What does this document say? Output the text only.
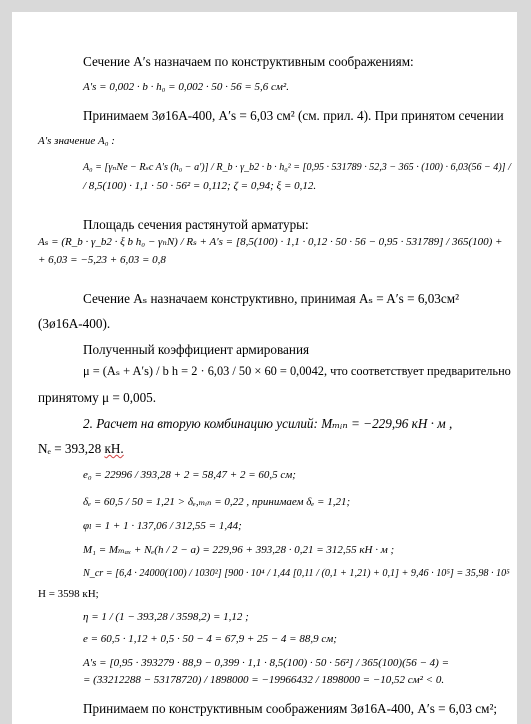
Сечение A′s назначаем по конструктивным соображениям:
A′s = 0,002 · b · h₀ = 0,002 · 50 · 56 = 5,6 см².
Принимаем 3ø16А-400, A′s = 6,03 см² (см. прил. 4). При принятом сечении
A′s значение A₀ :
A₀ = [γₙNe − Rₛc A′s (h₀ − a′)] / R_b · γ_b2 · b · h₀² = [0,95 · 531789 · 52,3 − 365 · (100) · 6,03(56 − 4)] /
/ 8,5(100) · 1,1 · 50 · 56² = 0,112; ζ = 0,94; ξ = 0,12.
Площадь сечения растянутой арматуры:
Aₛ = (R_b · γ_b2 · ξ b h₀ − γₙN) / Rₛ + A′s = [8,5(100) · 1,1 · 0,12 · 50 · 56 − 0,95 · 531789] / 365(100) +
+ 6,03 = −5,23 + 6,03 = 0,8
Сечение Aₛ назначаем конструктивно, принимая Aₛ = A′s = 6,03см²
(3ø16А-400).
Полученный коэффициент армирования
μ = (Aₛ + A′s) / b h = 2 · 6,03 / 50 × 60 = 0,0042, что соответствует предварительно
принятому μ = 0,005.
2. Расчет на вторую комбинацию усилий: Mₘᵢₙ = −229,96 кН · м ,
Nₑ = 393,28 кН.
e₀ = 22996 / 393,28 + 2 = 58,47 + 2 = 60,5 см;
δₑ = 60,5 / 50 = 1,21 > δₑ,ₘᵢₙ = 0,22 , принимаем δₑ = 1,21;
φₗ = 1 + 1 · 137,06 / 312,55 = 1,44;
M₁ = Mₘₐₓ + Nₑ(h / 2 − a) = 229,96 + 393,28 · 0,21 = 312,55 кН · м ;
N_cr = [6,4 · 24000(100) / 1030²] [900 · 10⁴ / 1,44 [0,11 / (0,1 + 1,21) + 0,1] + 9,46 · 10⁵] = 35,98 · 10⁵
Н = 3598 кН;
η = 1 / (1 − 393,28 / 3598,2) = 1,12 ;
e = 60,5 · 1,12 + 0,5 · 50 − 4 = 67,9 + 25 − 4 = 88,9 см;
A′s = [0,95 · 393279 · 88,9 − 0,399 · 1,1 · 8,5(100) · 50 · 56²] / 365(100)(56 − 4) =
= (33212288 − 53178720) / 1898000 = −19966432 / 1898000 = −10,52 см² < 0.
Принимаем по конструктивным соображениям 3ø16А-400, A′s = 6,03 см²;
